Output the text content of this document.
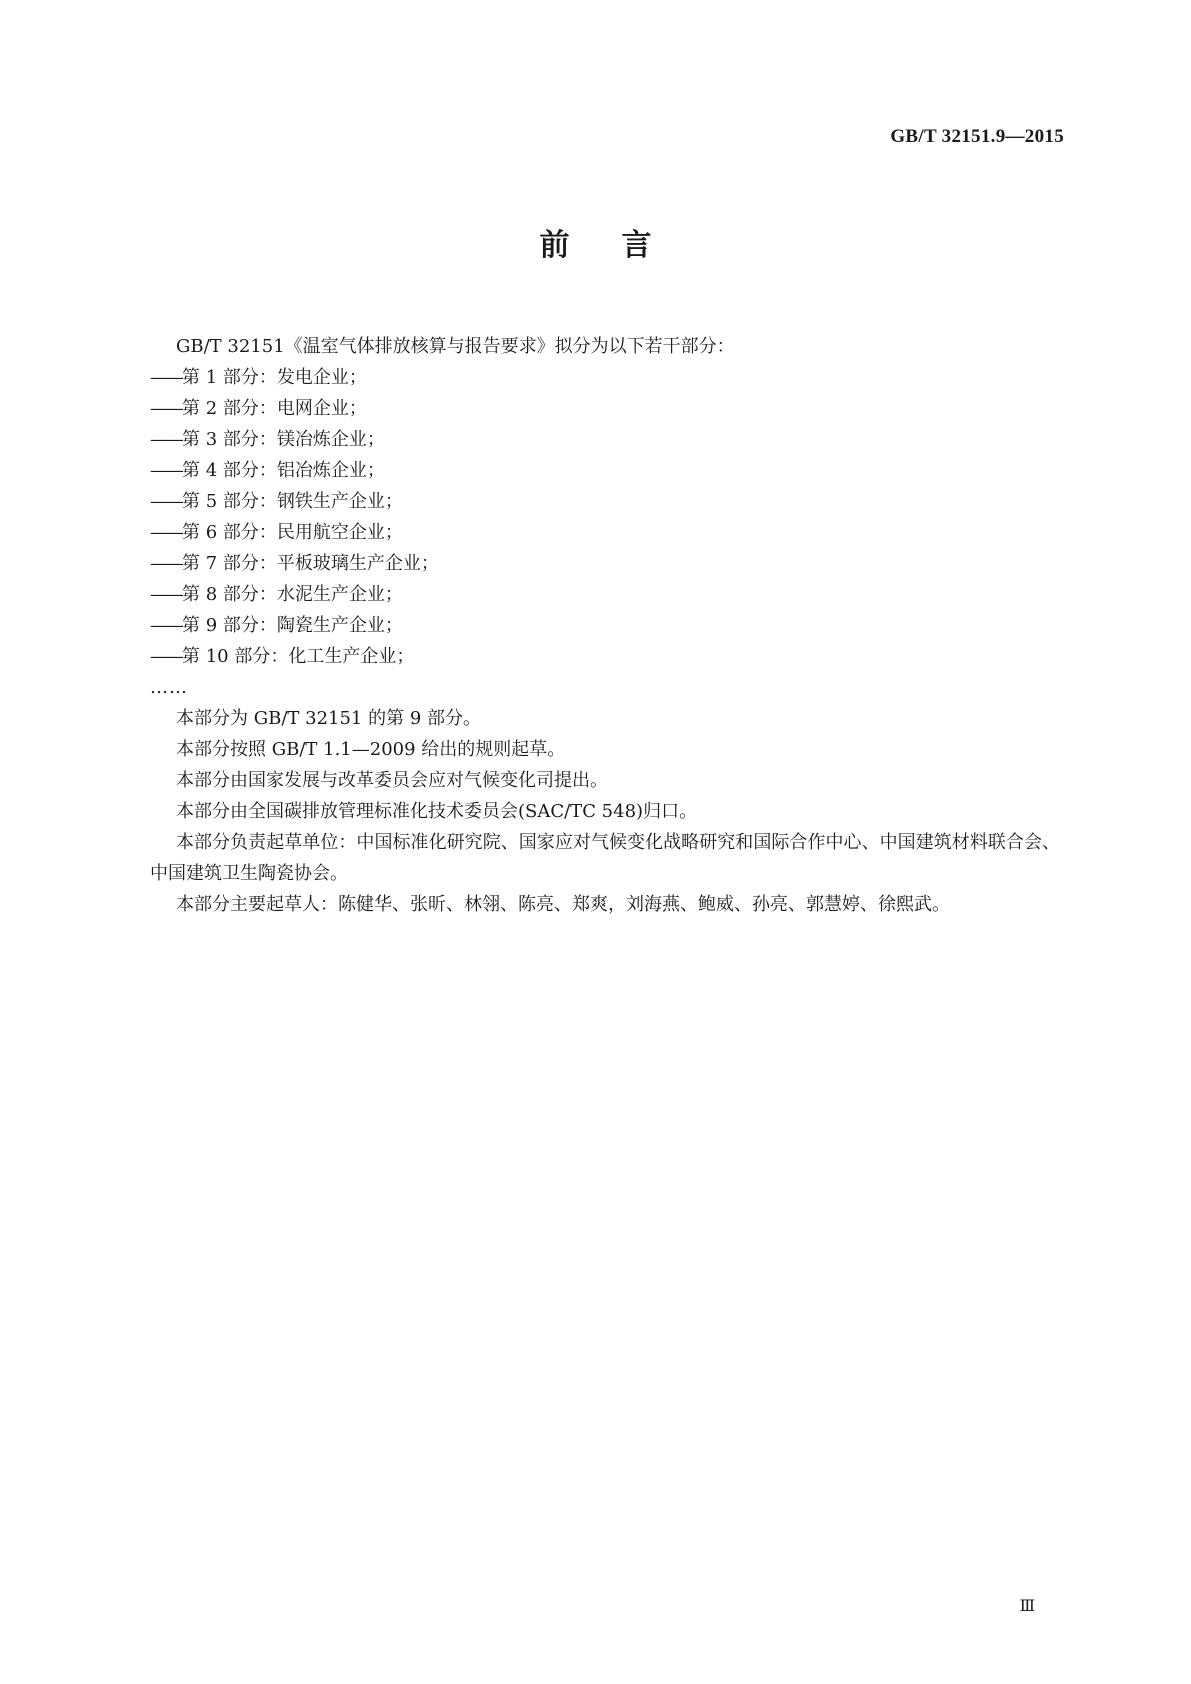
GB/T 32151.9—2015
前言

GB/T 32151《温室气体排放核算与报告要求》拟分为以下若干部分：

——第 1 部分：发电企业；

——第 2 部分：电网企业；

——第 3 部分：镁冶炼企业；

——第 4 部分：铝冶炼企业；

——第 5 部分：钢铁生产企业；

——第 6 部分：民用航空企业；

——第 7 部分：平板玻璃生产企业；

——第 8 部分：水泥生产企业；

——第 9 部分：陶瓷生产企业；

——第 10 部分：化工生产企业；

……

本部分为 GB/T 32151 的第 9 部分。

本部分按照 GB/T 1.1—2009 给出的规则起草。

本部分由国家发展与改革委员会应对气候变化司提出。

本部分由全国碳排放管理标准化技术委员会(SAC/TC 548)归口。

本部分负责起草单位：中国标准化研究院、国家应对气候变化战略研究和国际合作中心、中国建筑材料联合会、中国建筑卫生陶瓷协会。

本部分主要起草人：陈健华、张昕、林翎、陈亮、郑爽，刘海燕、鲍威、孙亮、郭慧婷、徐熙武。

Ⅲ
